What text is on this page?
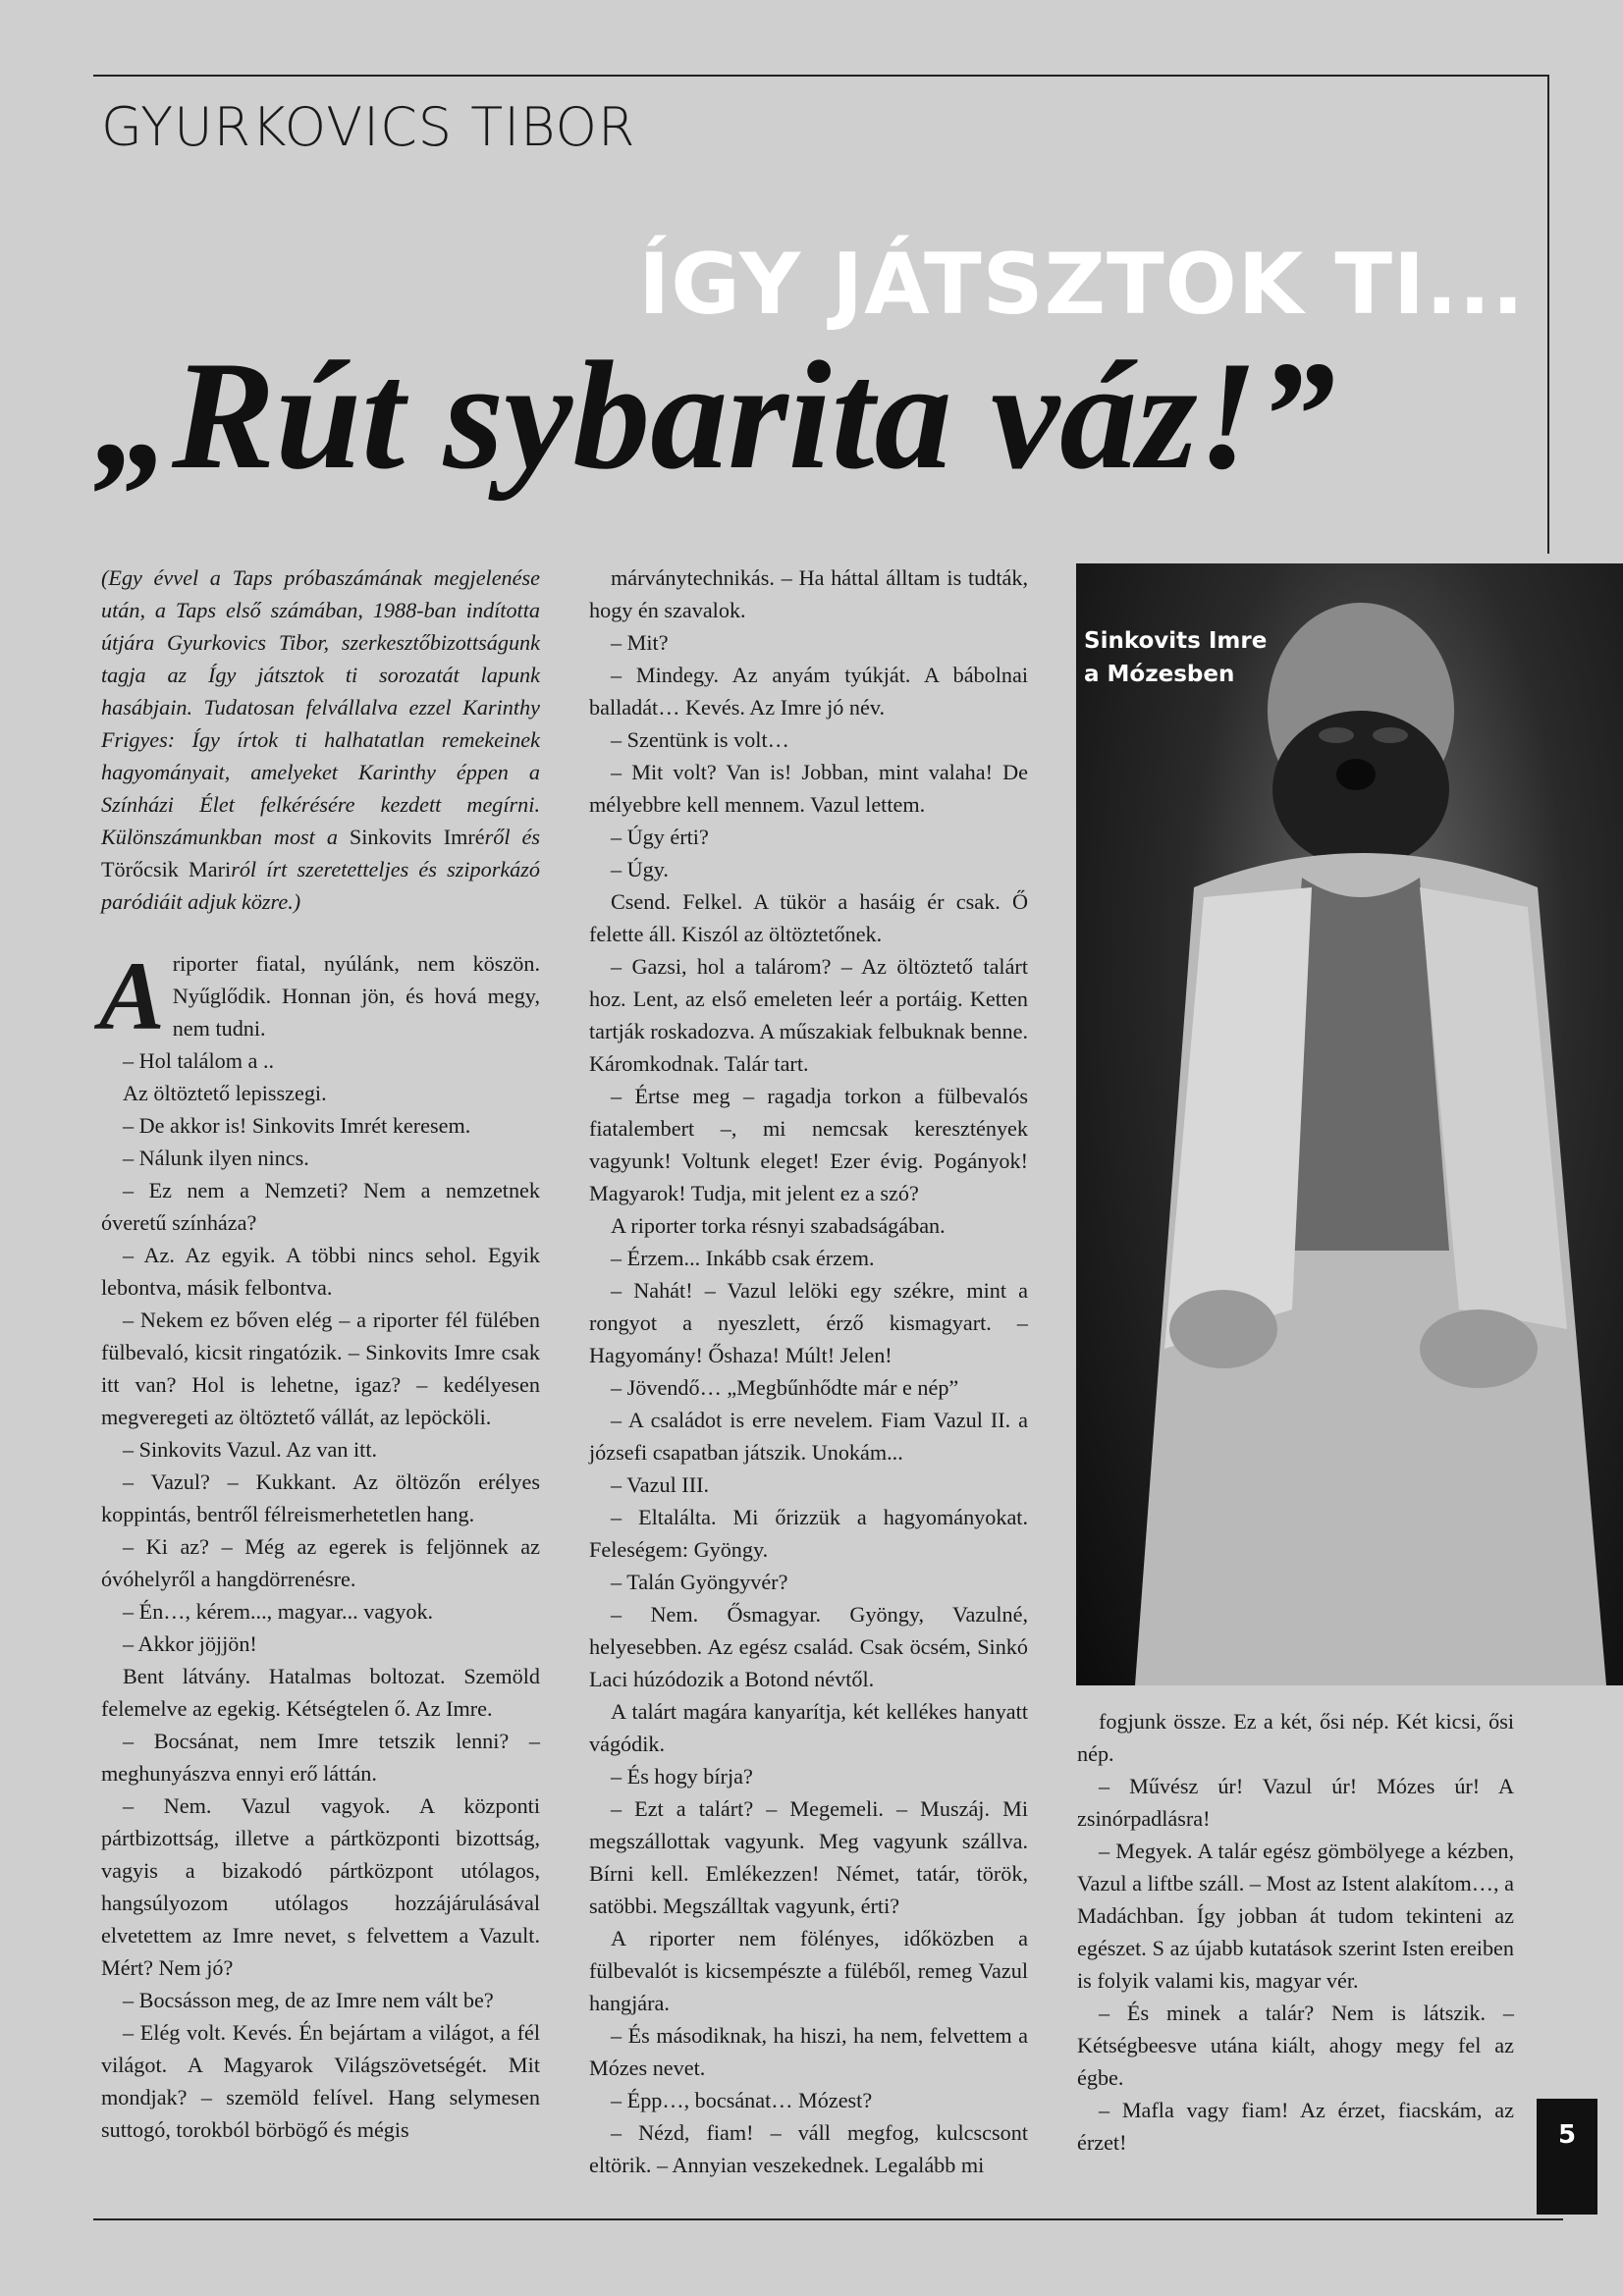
GYURKOVICS TIBOR
ÍGY JÁTSZTOK TI...
„Rút sybarita váz!”

(Egy évvel a Taps próbaszámának megjelenése után, a Taps első számában, 1988-ban indította útjára Gyurkovics Tibor, szerkesztőbizottságunk tagja az Így játsztok ti sorozatát lapunk hasábjain. Tudatosan felvállalva ezzel Karinthy Frigyes: Így írtok ti halhatatlan remekeinek hagyományait, amelyeket Karinthy éppen a Színházi Élet felkérésére kezdett megírni. Különszámunkban most a Sinkovits Imréről és Törőcsik Mariról írt szeretetteljes és sziporkázó paródiáit adjuk közre.)

Ariporter fiatal, nyúlánk, nem köszön. Nyűglődik. Honnan jön, és hová megy, nem tudni.

– Hol találom a ..

Az öltöztető lepisszegi.

– De akkor is! Sinkovits Imrét keresem.

– Nálunk ilyen nincs.

– Ez nem a Nemzeti? Nem a nemzetnek óveretű színháza?

– Az. Az egyik. A többi nincs sehol. Egyik lebontva, másik felbontva.

– Nekem ez bőven elég – a riporter fél fülében fülbevaló, kicsit ringatózik. – Sinkovits Imre csak itt van? Hol is lehetne, igaz? – kedélyesen megveregeti az öltöztető vállát, az lepöcköli.

– Sinkovits Vazul. Az van itt.

– Vazul? – Kukkant. Az öltözőn erélyes koppintás, bentről félreismerhetetlen hang.

– Ki az? – Még az egerek is feljönnek az óvóhelyről a hangdörrenésre.

– Én…, kérem..., magyar... vagyok.

– Akkor jöjjön!

Bent látvány. Hatalmas boltozat. Szemöld felemelve az egekig. Kétségtelen ő. Az Imre.

– Bocsánat, nem Imre tetszik lenni? – meghunyászva ennyi erő láttán.

– Nem. Vazul vagyok. A központi pártbizottság, illetve a pártközponti bizottság, vagyis a bizakodó pártközpont utólagos, hangsúlyozom utólagos hozzájárulásával elvetettem az Imre nevet, s felvettem a Vazult. Mért? Nem jó?

– Bocsásson meg, de az Imre nem vált be?

– Elég volt. Kevés. Én bejártam a világot, a fél világot. A Magyarok Világszövetségét. Mit mondjak? – szemöld felível. Hang selymesen suttogó, torokból börbögő és mégis

márványtechnikás. – Ha háttal álltam is tudták, hogy én szavalok.

– Mit?

– Mindegy. Az anyám tyúkját. A bábolnai balladát… Kevés. Az Imre jó név.

– Szentünk is volt…

– Mit volt? Van is! Jobban, mint valaha! De mélyebbre kell mennem. Vazul lettem.

– Úgy érti?

– Úgy.

Csend. Felkel. A tükör a hasáig ér csak. Ő felette áll. Kiszól az öltöztetőnek.

– Gazsi, hol a talárom? – Az öltöztető talárt hoz. Lent, az első emeleten leér a portáig. Ketten tartják roskadozva. A műszakiak felbuknak benne. Káromkodnak. Talár tart.

– Értse meg – ragadja torkon a fülbevalós fiatalembert –, mi nemcsak keresztények vagyunk! Voltunk eleget! Ezer évig. Pogányok! Magyarok! Tudja, mit jelent ez a szó?

A riporter torka résnyi szabadságában.

– Érzem... Inkább csak érzem.

– Nahát! – Vazul lelöki egy székre, mint a rongyot a nyeszlett, érző kismagyart. – Hagyomány! Őshaza! Múlt! Jelen!

– Jövendő… „Megbűnhődte már e nép”

– A családot is erre nevelem. Fiam Vazul II. a józsefi csapatban játszik. Unokám...

– Vazul III.

– Eltalálta. Mi őrizzük a hagyományokat. Feleségem: Gyöngy.

– Talán Gyöngyvér?

– Nem. Ősmagyar. Gyöngy, Vazulné, helyesebben. Az egész család. Csak öcsém, Sinkó Laci húzódozik a Botond névtől.

A talárt magára kanyarítja, két kellékes hanyatt vágódik.

– És hogy bírja?

– Ezt a talárt? – Megemeli. – Muszáj. Mi megszállottak vagyunk. Meg vagyunk szállva. Bírni kell. Emlékezzen! Német, tatár, török, satöbbi. Megszálltak vagyunk, érti?

A riporter nem fölényes, időközben a fülbevalót is kicsempészte a füléből, remeg Vazul hangjára.

– És másodiknak, ha hiszi, ha nem, felvettem a Mózes nevet.

– Épp…, bocsánat… Mózest?

– Nézd, fiam! – váll megfog, kulcscsont eltörik. – Annyian veszekednek. Legalább mi

Sinkovits Imre
a Mózesben

fogjunk össze. Ez a két, ősi nép. Két kicsi, ősi nép.

– Művész úr! Vazul úr! Mózes úr! A zsinórpadlásra!

– Megyek. A talár egész gömbölyege a kézben, Vazul a liftbe száll. – Most az Istent alakítom…, a Madáchban. Így jobban át tudom tekinteni az egészet. S az újabb kutatások szerint Isten ereiben is folyik valami kis, magyar vér.

– És minek a talár? Nem is látszik. – Kétségbeesve utána kiált, ahogy megy fel az égbe.

– Mafla vagy fiam! Az érzet, fiacskám, az érzet!	5
